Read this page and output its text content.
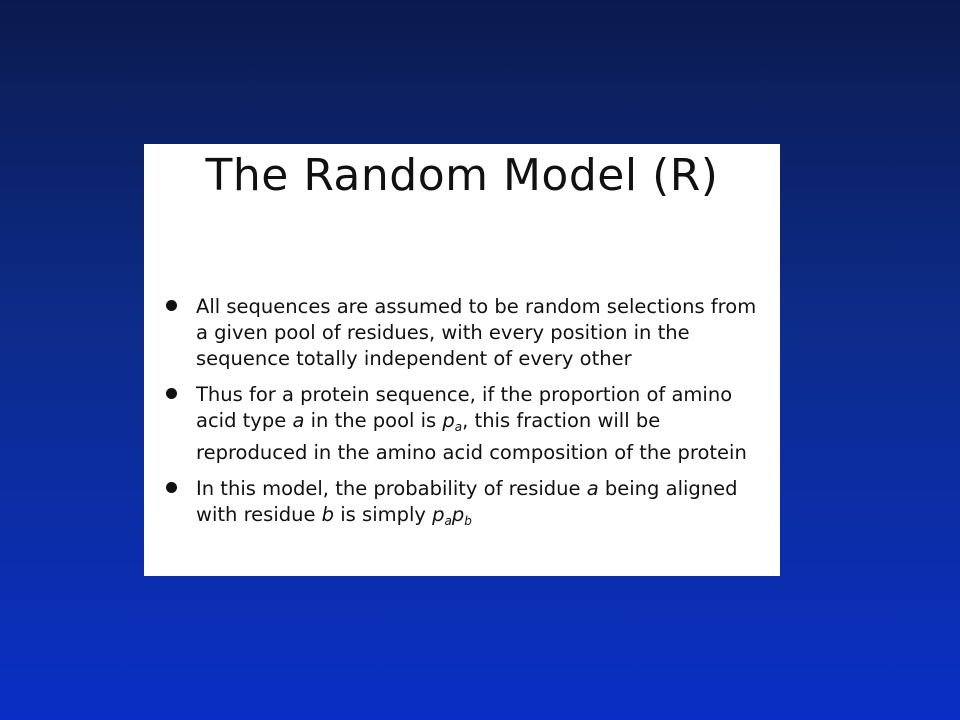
The Random Model (R)
All sequences are assumed to be random selections from
a given pool of residues, with every position in the
sequence totally independent of every other
Thus for a protein sequence, if the proportion of amino
acid type a in the pool is $p_a$, this fraction will be
reproduced in the amino acid composition of the protein
In this model, the probability of residue a being aligned
with residue b is simply $p_ap_b$
